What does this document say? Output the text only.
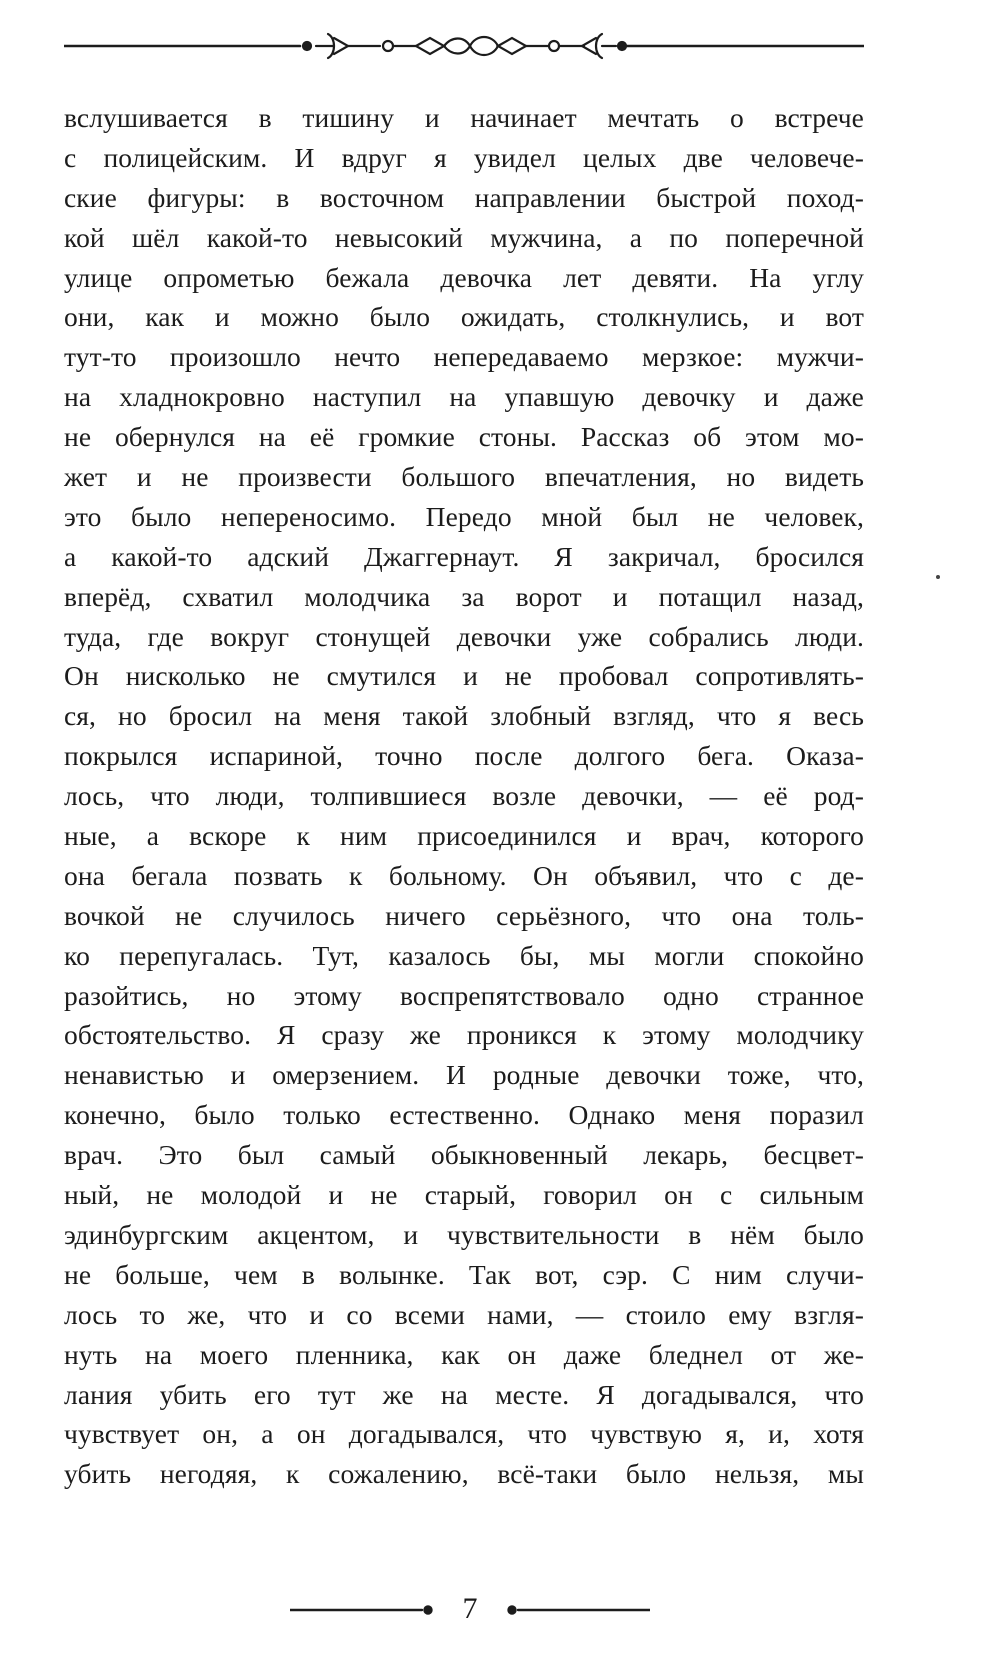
вслушивается в тишину и начинает мечтать о встрече
с полицейским. И вдруг я увидел целых две человече-
ские фигуры: в восточном направлении быстрой поход-
кой шёл какой-то невысокий мужчина, а по поперечной
улице опрометью бежала девочка лет девяти. На углу
они, как и можно было ожидать, столкнулись, и вот
тут-то произошло нечто непередаваемо мерзкое: мужчи-
на хладнокровно наступил на упавшую девочку и даже
не обернулся на её громкие стоны. Рассказ об этом мо-
жет и не произвести большого впечатления, но видеть
это было непереносимо. Передо мной был не человек,
а какой-то адский Джаггернаут. Я закричал, бросился
вперёд, схватил молодчика за ворот и потащил назад,
туда, где вокруг стонущей девочки уже собрались люди.
Он нисколько не смутился и не пробовал сопротивлять-
ся, но бросил на меня такой злобный взгляд, что я весь
покрылся испариной, точно после долгого бега. Оказа-
лось, что люди, толпившиеся возле девочки, — её род-
ные, а вскоре к ним присоединился и врач, которого
она бегала позвать к больному. Он объявил, что с де-
вочкой не случилось ничего серьёзного, что она толь-
ко перепугалась. Тут, казалось бы, мы могли спокойно
разойтись, но этому воспрепятствовало одно странное
обстоятельство. Я сразу же проникся к этому молодчику
ненавистью и омерзением. И родные девочки тоже, что,
конечно, было только естественно. Однако меня поразил
врач. Это был самый обыкновенный лекарь, бесцвет-
ный, не молодой и не старый, говорил он с сильным
эдинбургским акцентом, и чувствительности в нём было
не больше, чем в волынке. Так вот, сэр. С ним случи-
лось то же, что и со всеми нами, — стоило ему взгля-
нуть на моего пленника, как он даже бледнел от же-
лания убить его тут же на месте. Я догадывался, что
чувствует он, а он догадывался, что чувствую я, и, хотя
убить негодяя, к сожалению, всё-таки было нельзя, мы
7
